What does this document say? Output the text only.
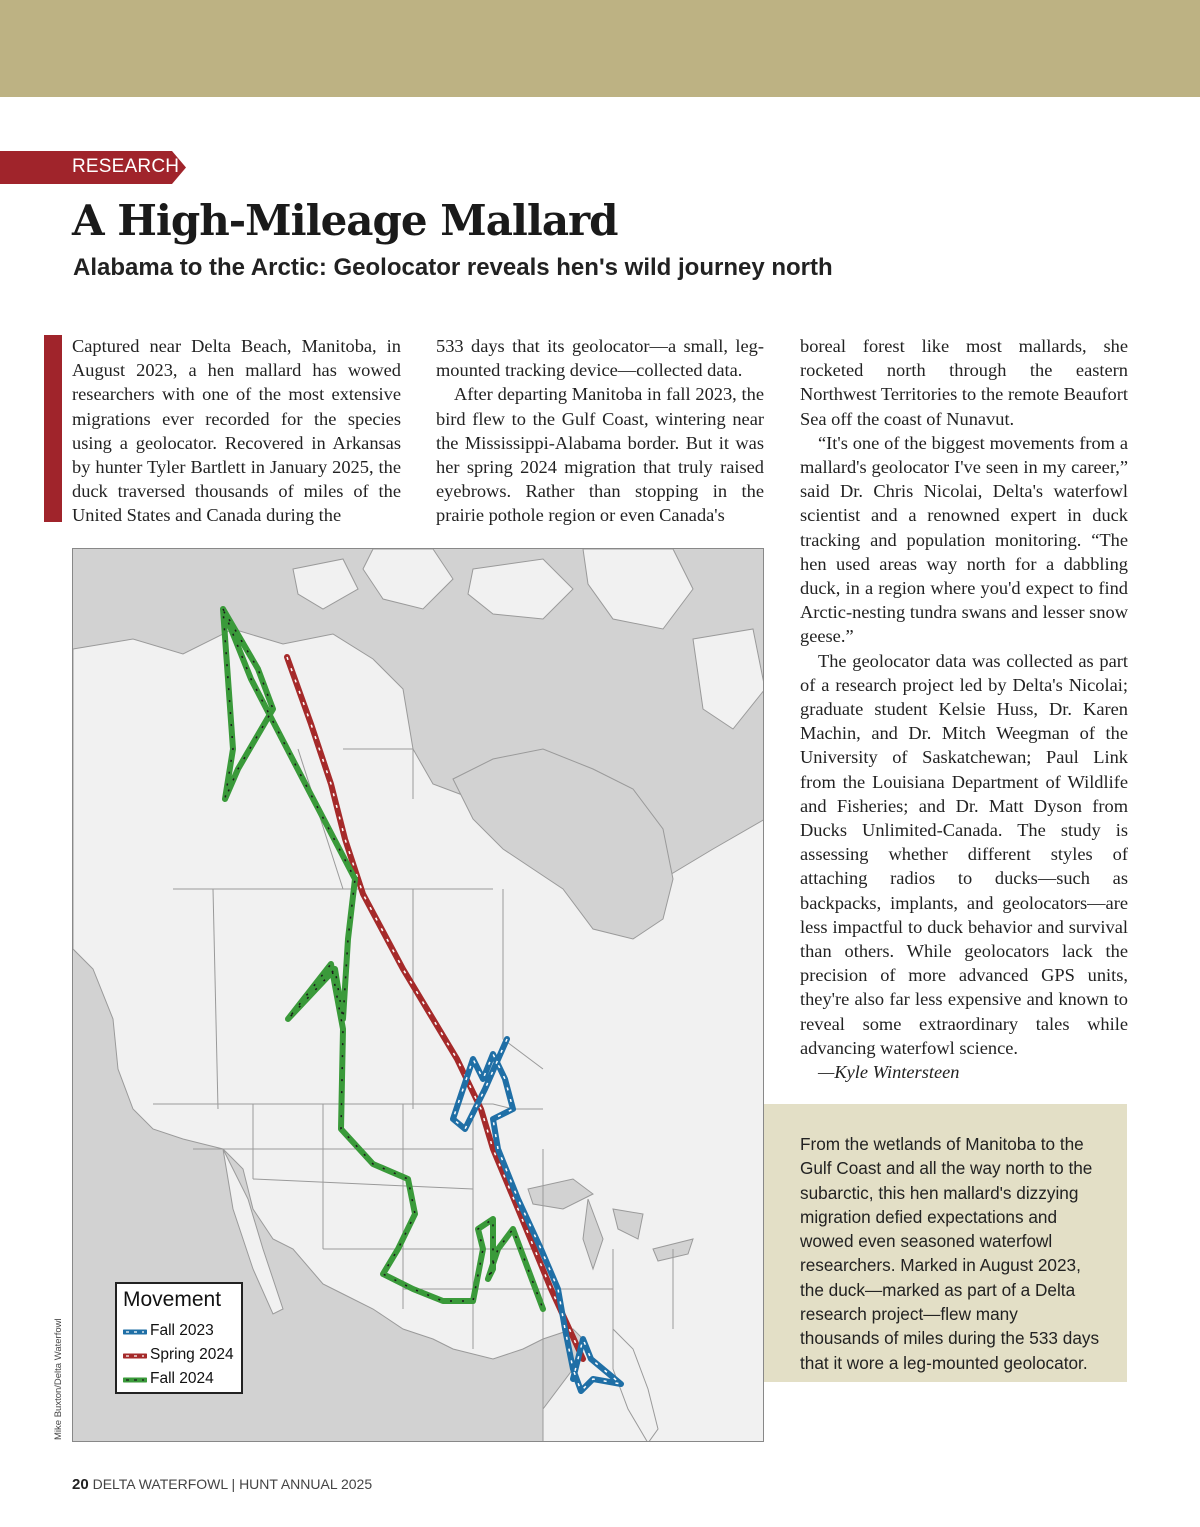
RESEARCH
A High-Mileage Mallard
Alabama to the Arctic: Geolocator reveals hen's wild journey north

Captured near Delta Beach, Manitoba, in August 2023, a hen mallard has wowed researchers with one of the most extensive migrations ever recorded for the species using a geolocator. Recovered in Arkansas by hunter Tyler Bartlett in January 2025, the duck traversed thousands of miles of the United States and Canada during the

533 days that its geolocator—a small, leg-mounted tracking device—collected data.

After departing Manitoba in fall 2023, the bird flew to the Gulf Coast, wintering near the Mississippi-Alabama border. But it was her spring 2024 migration that truly raised eyebrows. Rather than stopping in the prairie pothole region or even Canada's

boreal forest like most mallards, she rocketed north through the eastern Northwest Territories to the remote Beaufort Sea off the coast of Nunavut.

“It's one of the biggest movements from a mallard's geolocator I've seen in my career,” said Dr. Chris Nicolai, Delta's waterfowl scientist and a renowned expert in duck tracking and population monitoring. “The hen used areas way north for a dabbling duck, in a region where you'd expect to find Arctic-nesting tundra swans and lesser snow geese.”

The geolocator data was collected as part of a research project led by Delta's Nicolai; graduate student Kelsie Huss, Dr. Karen Machin, and Dr. Mitch Weegman of the University of Saskatchewan; Paul Link from the Louisiana Department of Wildlife and Fisheries; and Dr. Matt Dyson from Ducks Unlimited-Canada. The study is assessing whether different styles of attaching radios to ducks—such as backpacks, implants, and geolocators—are less impactful to duck behavior and survival than others. While geolocators lack the precision of more advanced GPS units, they're also far less expensive and known to reveal some extraordinary tales while advancing waterfowl science.

—Kyle Wintersteen

Movement
Fall 2023
Spring 2024
Fall 2024
Mike Buxton/Delta Waterfowl
From the wetlands of Manitoba to the Gulf Coast and all the way north to the subarctic, this hen mallard's dizzying migration defied expectations and wowed even seasoned waterfowl researchers. Marked in August 2023, the duck—marked as part of a Delta research project—flew many thousands of miles during the 533 days that it wore a leg-mounted geolocator.
20 DELTA WATERFOWL | HUNT ANNUAL 2025
